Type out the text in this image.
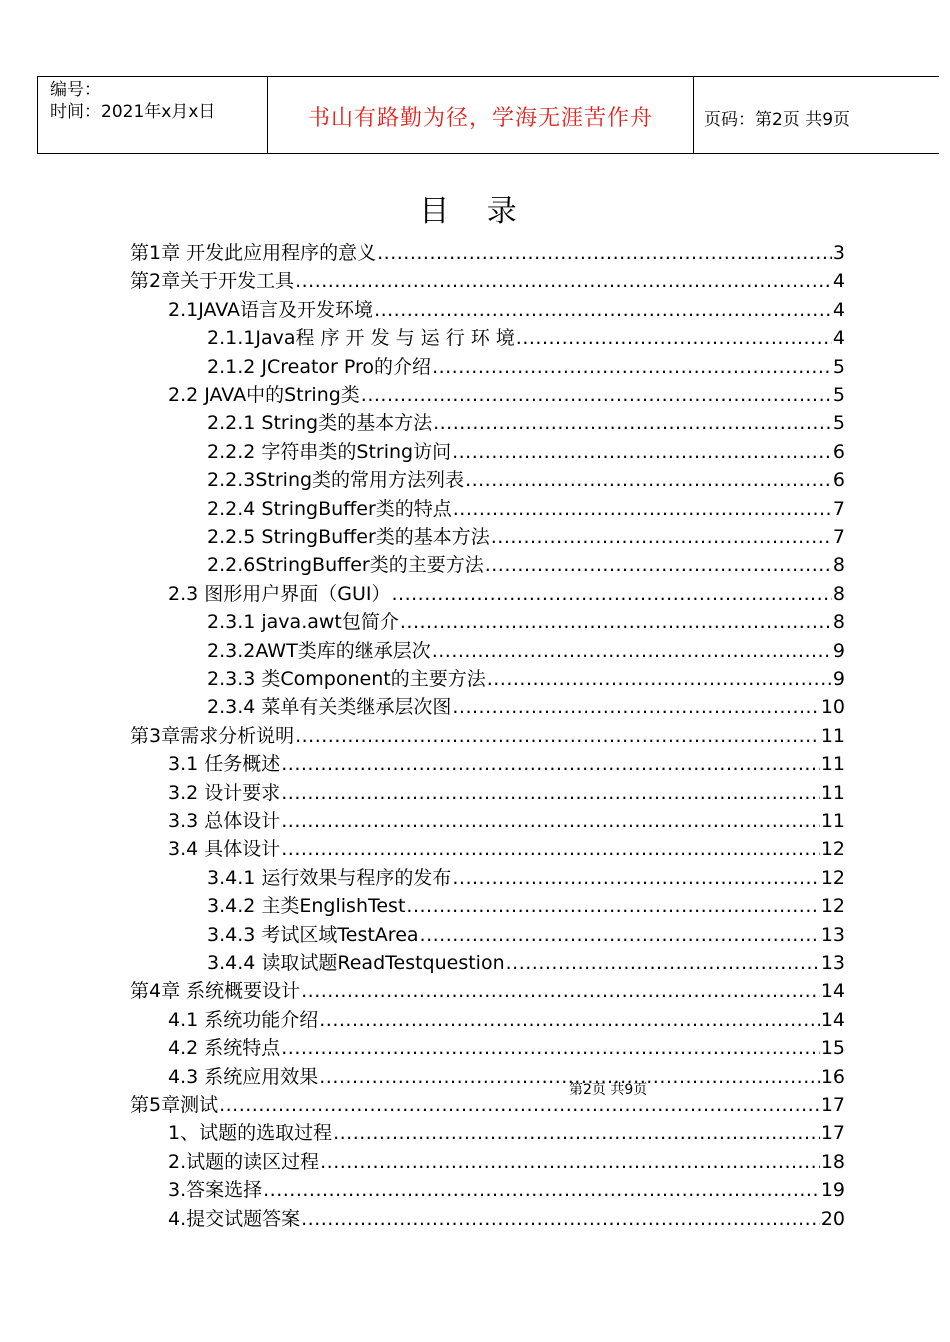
编号：
时间：2021年x月x日	书山有路勤为径，学海无涯苦作舟	页码：第2页 共9页
目 录
第1章 开发此应用程序的意义 .....	3
第2章关于开发工具 .....	4
2.1JAVA语言及开发环境 .....	4
2.1.1Java程 序 开 发 与 运 行 环 境 .....	4
2.1.2 JCreator Pro的介绍 .....	5
2.2 JAVA中的String类 .....	5
2.2.1 String类的基本方法 .....	5
2.2.2 字符串类的String访问 .....	6
2.2.3String类的常用方法列表 .....	6
2.2.4 StringBuffer类的特点 .....	7
2.2.5 StringBuffer类的基本方法 .....	7
2.2.6StringBuffer类的主要方法 .....	8
2.3 图形用户界面（GUI） .....	8
2.3.1 java.awt包简介 .....	8
2.3.2AWT类库的继承层次 .....	9
2.3.3 类Component的主要方法 .....	9
2.3.4 菜单有关类继承层次图 .....	10
第3章需求分析说明 .....	11
3.1 任务概述 .....	11
3.2 设计要求 .....	11
3.3 总体设计 .....	11
3.4 具体设计 .....	12
3.4.1 运行效果与程序的发布 .....	12
3.4.2 主类EnglishTest .....	12
3.4.3 考试区域TestArea .....	13
3.4.4 读取试题ReadTestquestion .....	13
第4章 系统概要设计 .....	14
4.1 系统功能介绍 .....	14
4.2 系统特点 .....	15
4.3 系统应用效果 .....	16
第5章测试 .....	17
1、试题的选取过程 .....	17
2.试题的读区过程 .....	18
3.答案选择 .....	19
4.提交试题答案 .....	20
第2页 共9页
